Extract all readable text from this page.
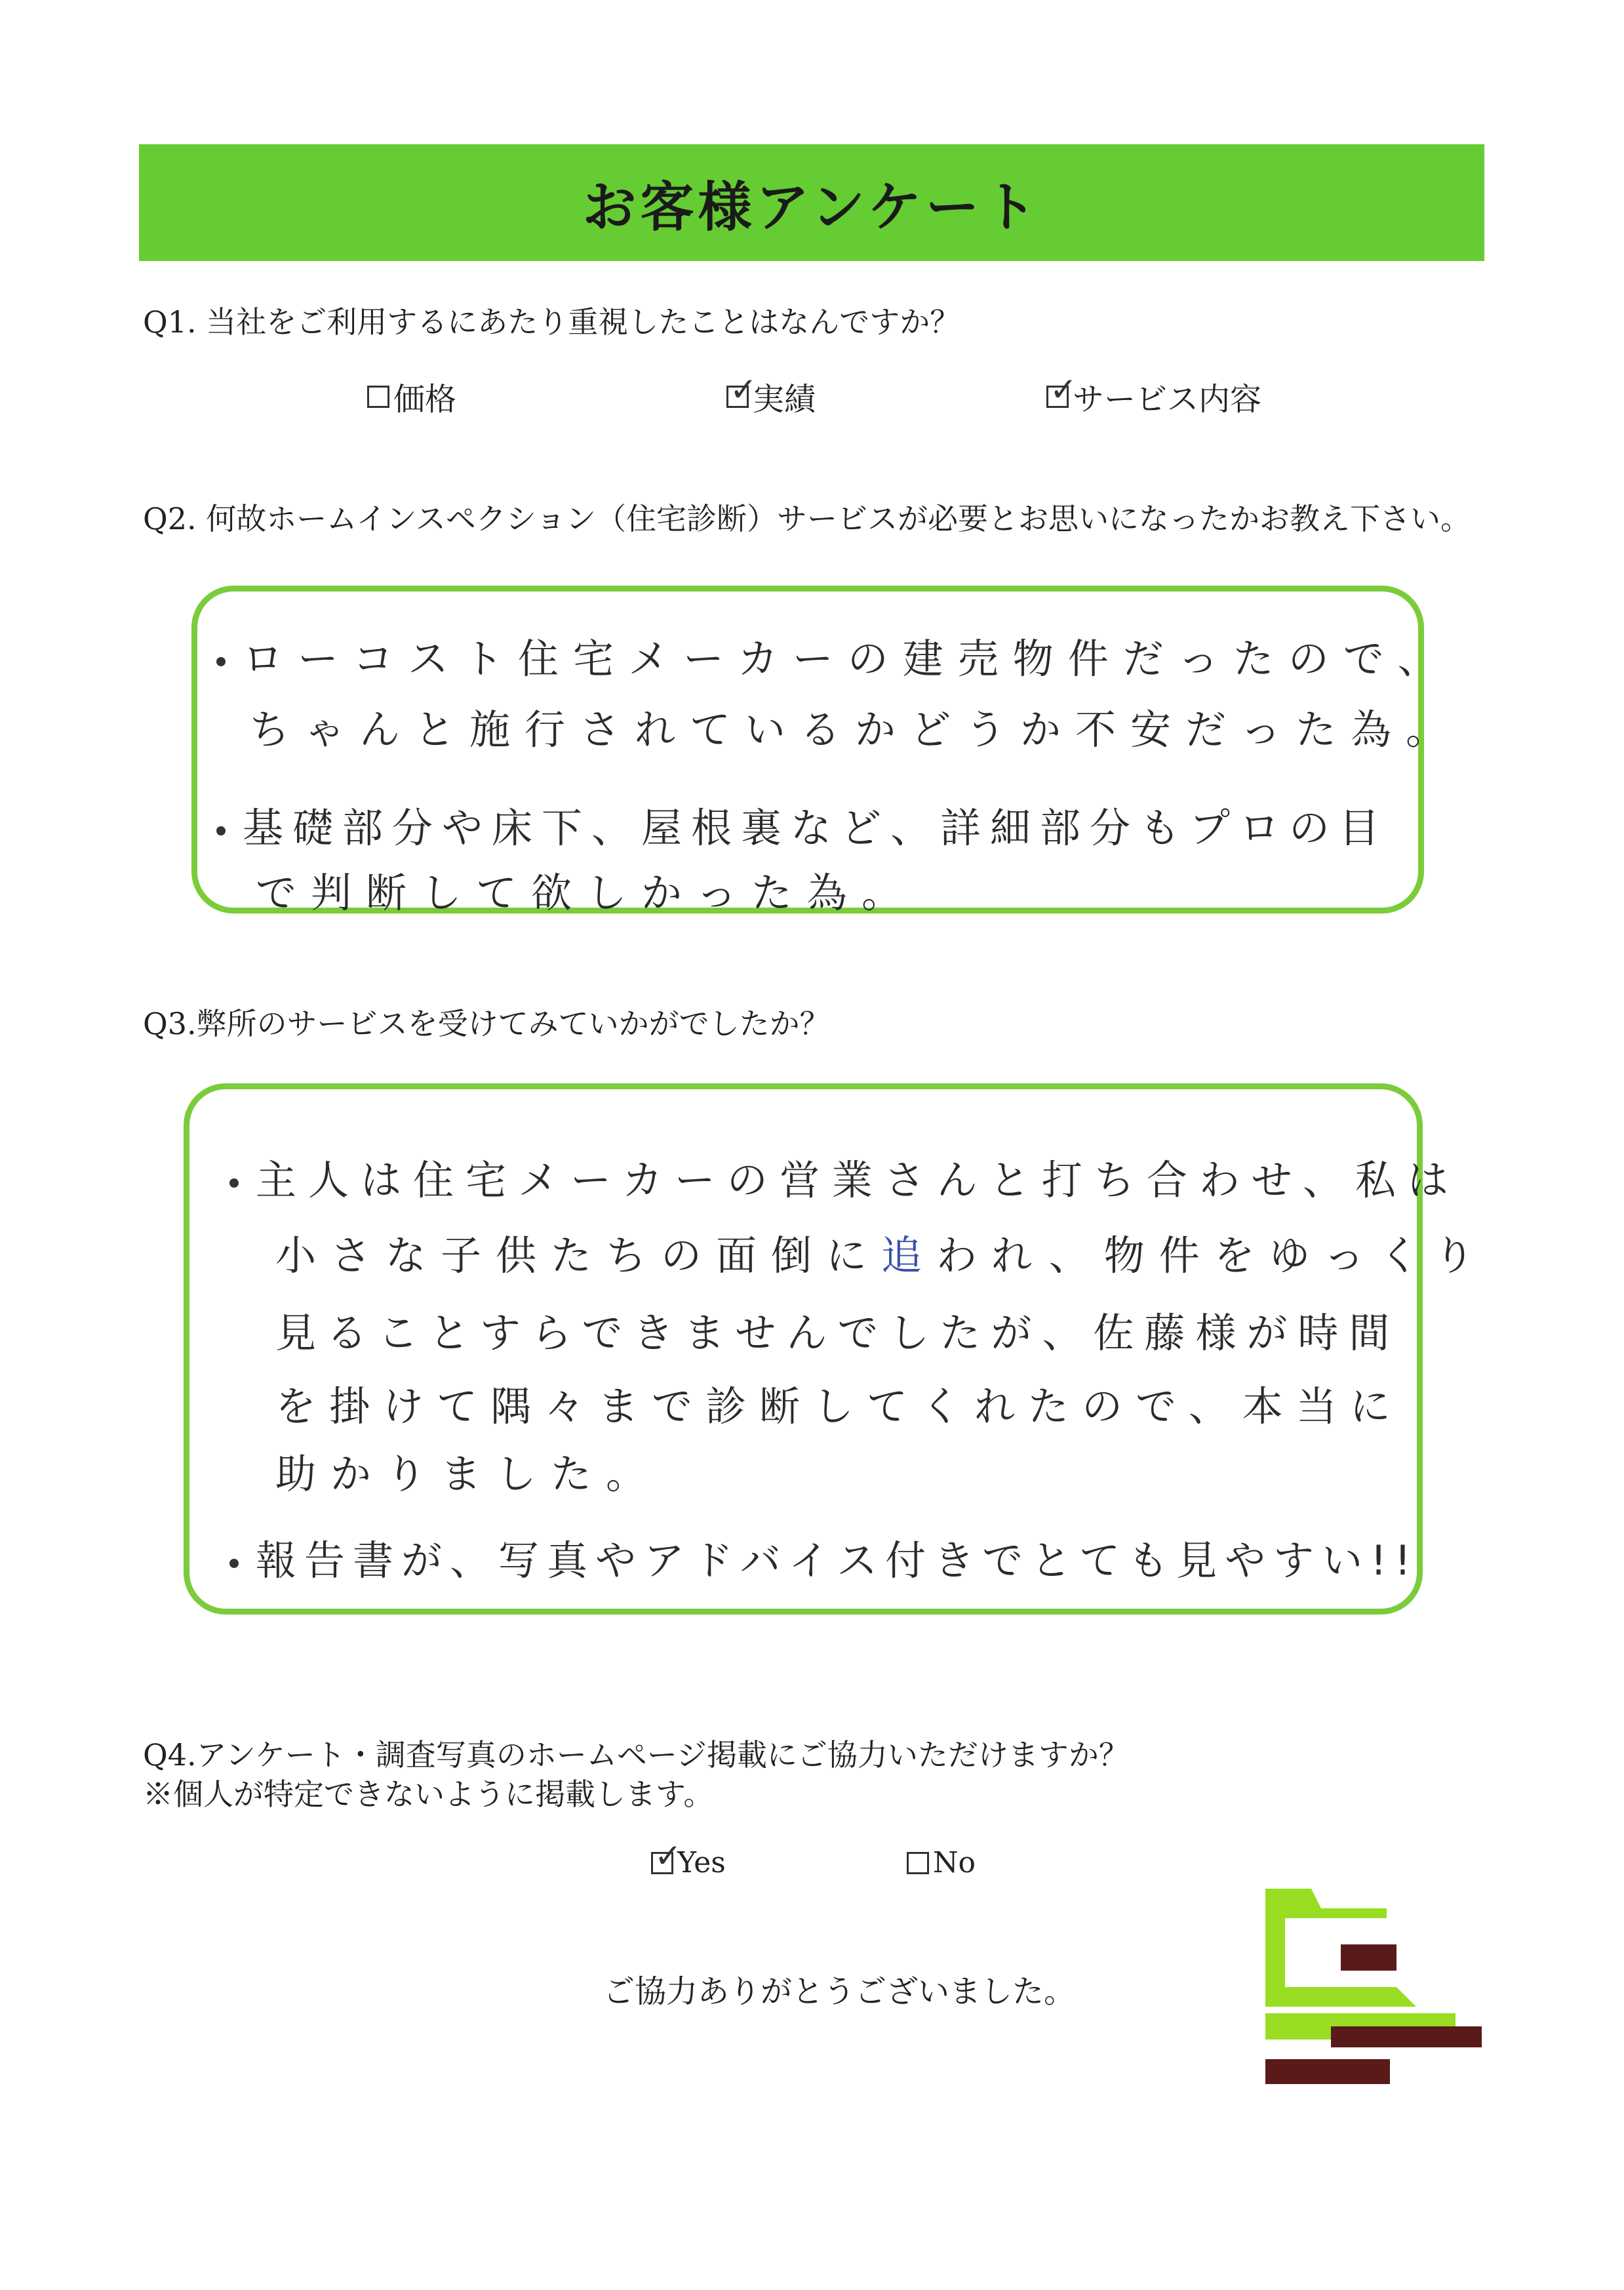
お客様アンケート
Q1. 当社をご利用するにあたり重視したことはなんですか？
価格	✓
実績	✓
サービス内容
Q2. 何故ホームインスペクション（住宅診断）サービスが必要とお思いになったかお教え下さい。
ローコスト住宅メーカーの建売物件だったので、
ちゃんと施行されているかどうか不安だった為。
基礎部分や床下、屋根裏など、詳細部分もプロの目
で判断して欲しかった為。
Q3.弊所のサービスを受けてみていかがでしたか？
主人は住宅メーカーの営業さんと打ち合わせ、私は
小さな子供たちの面倒に追われ、物件をゆっくり
見ることすらできませんでしたが、佐藤様が時間
を掛けて隅々まで診断してくれたので、本当に
助かりました。
報告書が、写真やアドバイス付きでとても見やすい!!
Q4.アンケート・調査写真のホームページ掲載にご協力いただけますか？
※個人が特定できないように掲載します。
✓
Yes	No
ご協力ありがとうございました。
